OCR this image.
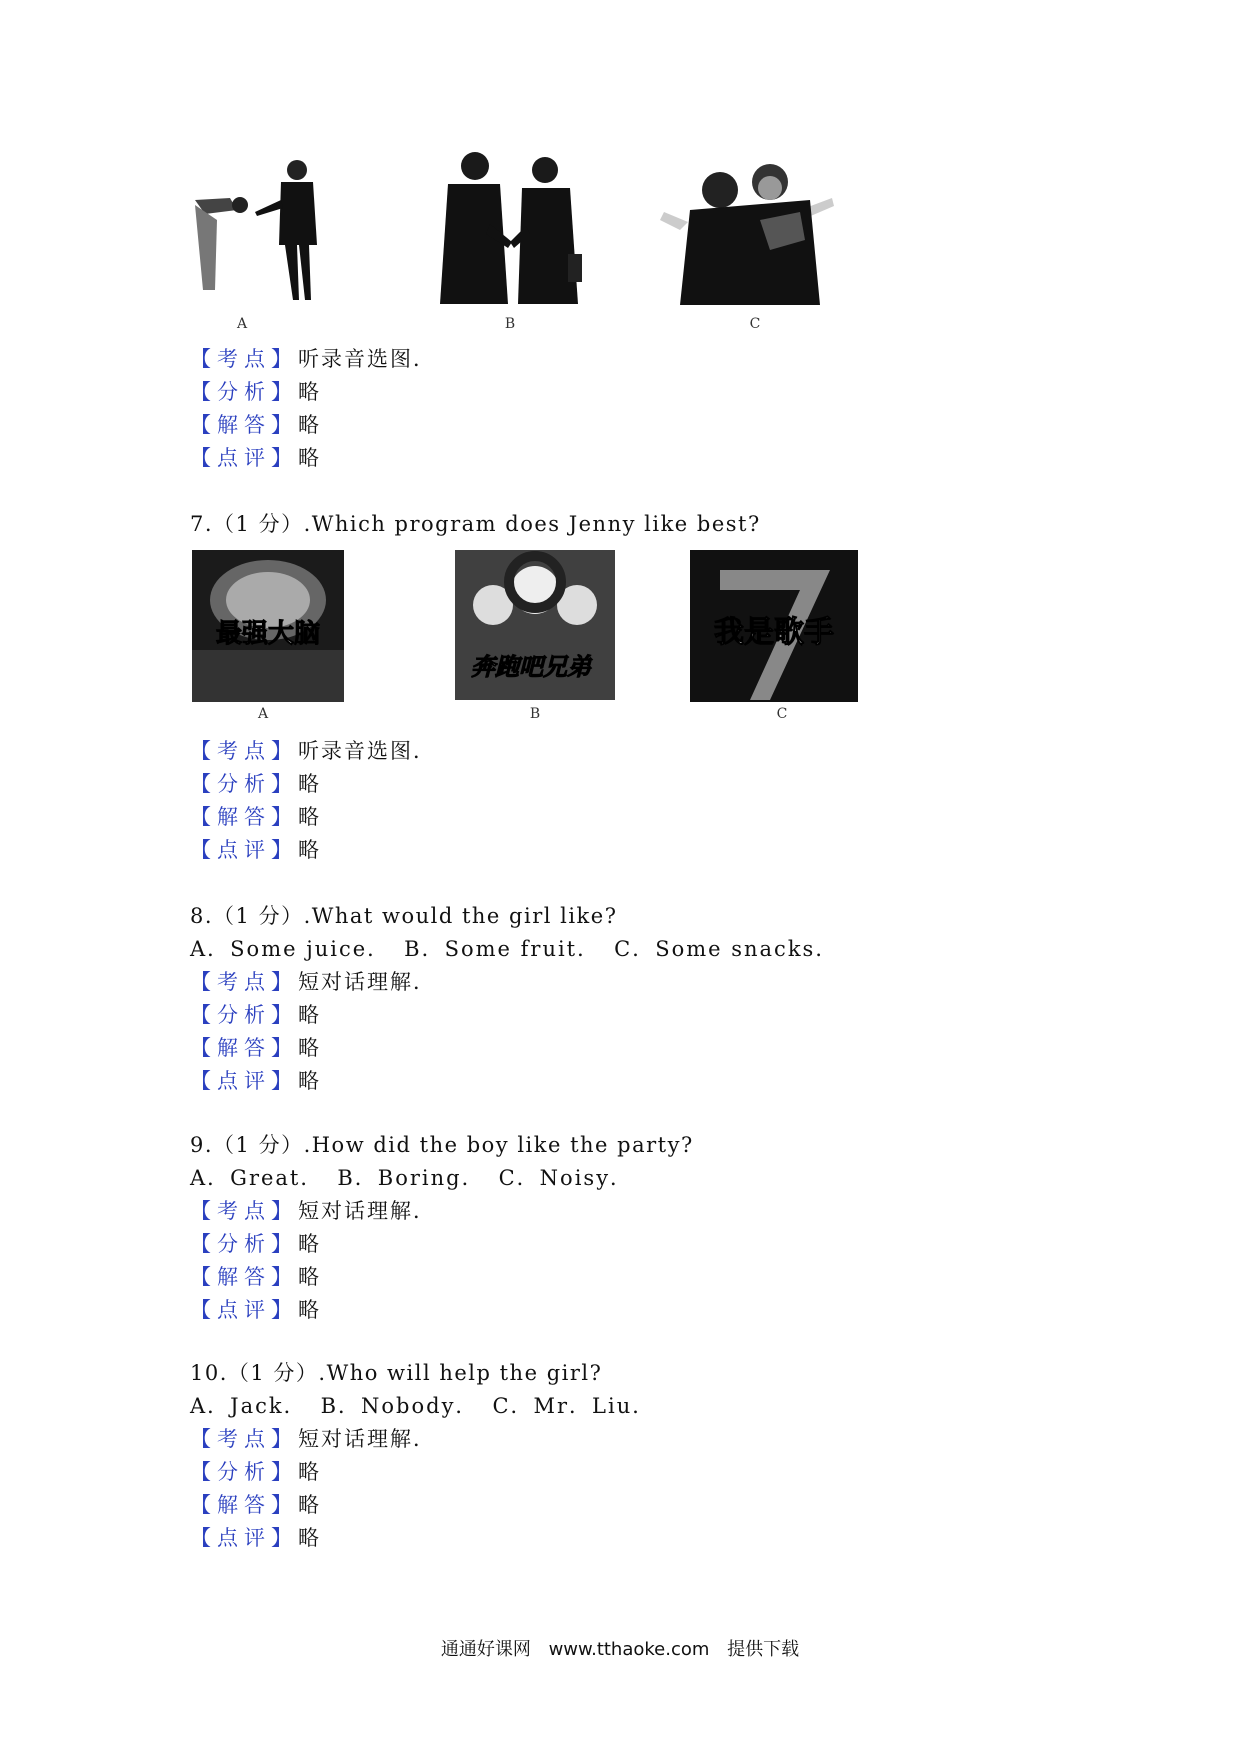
A	B	C
【考点】听录音选图．
【分析】略
【解答】略
【点评】略
7.（1 分）.Which program does Jenny like best?
最强大脑
奔跑吧兄弟
我是歌手
A	B	C
【考点】听录音选图．
【分析】略
【解答】略
【点评】略
8.（1 分）.What would the girl like?
A．Some juice． B．Some fruit． C．Some snacks．
【考点】短对话理解．
【分析】略
【解答】略
【点评】略
9.（1 分）.How did the boy like the party?
A．Great． B．Boring． C．Noisy．
【考点】短对话理解．
【分析】略
【解答】略
【点评】略
10.（1 分）.Who will help the girl?
A．Jack． B．Nobody． C．Mr．Liu．
【考点】短对话理解．
【分析】略
【解答】略
【点评】略
通通好课网 www.tthaoke.com 提供下载
